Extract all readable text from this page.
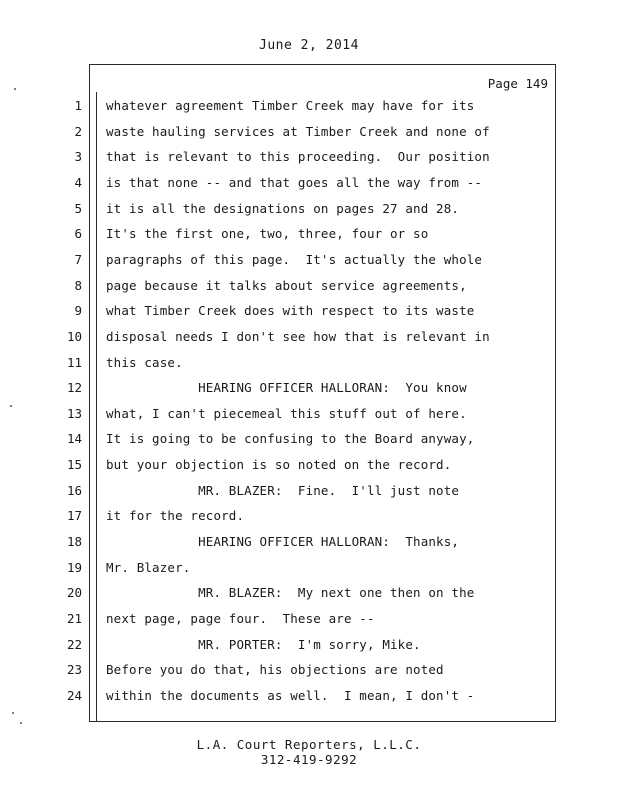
June 2, 2014
Page 149
1 whatever agreement Timber Creek may have for its
2 waste hauling services at Timber Creek and none of
3 that is relevant to this proceeding.  Our position
4 is that none -- and that goes all the way from --
5 it is all the designations on pages 27 and 28.
6 It's the first one, two, three, four or so
7 paragraphs of this page.  It's actually the whole
8 page because it talks about service agreements,
9 what Timber Creek does with respect to its waste
10 disposal needs I don't see how that is relevant in
11 this case.
12 HEARING OFFICER HALLORAN:  You know
13 what, I can't piecemeal this stuff out of here.
14 It is going to be confusing to the Board anyway,
15 but your objection is so noted on the record.
16 MR. BLAZER:  Fine.  I'll just note
17 it for the record.
18 HEARING OFFICER HALLORAN:  Thanks,
19 Mr. Blazer.
20 MR. BLAZER:  My next one then on the
21 next page, page four.  These are --
22 MR. PORTER:  I'm sorry, Mike.
23 Before you do that, his objections are noted
24 within the documents as well.  I mean, I don't -
L.A. Court Reporters, L.L.C.
312-419-9292
